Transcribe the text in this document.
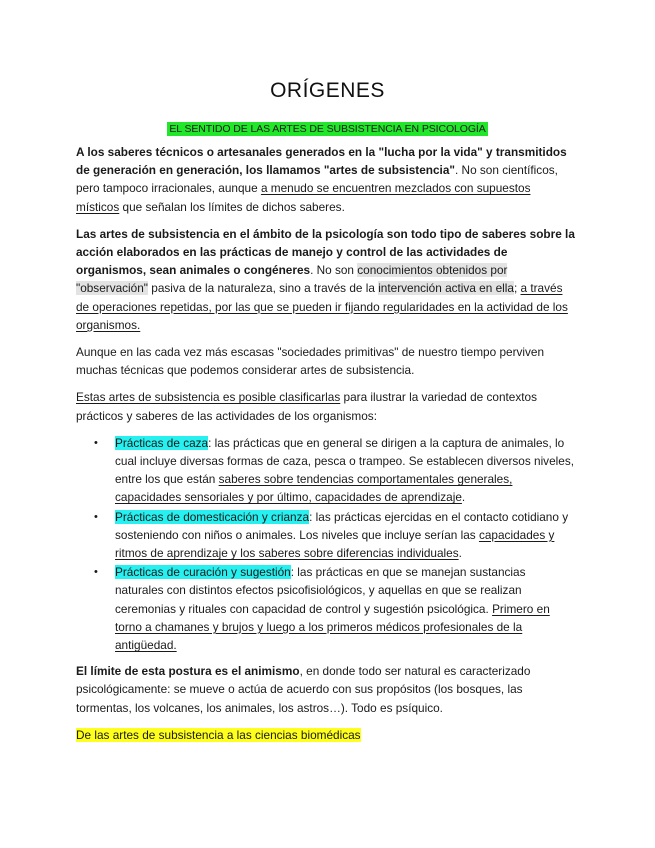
ORÍGENES
EL SENTIDO DE LAS ARTES DE SUBSISTENCIA EN PSICOLOGÍA

A los saberes técnicos o artesanales generados en la "lucha por la vida" y transmitidos de generación en generación, los llamamos "artes de subsistencia". No son científicos, pero tampoco irracionales, aunque a menudo se encuentren mezclados con supuestos místicos que señalan los límites de dichos saberes.

Las artes de subsistencia en el ámbito de la psicología son todo tipo de saberes sobre la acción elaborados en las prácticas de manejo y control de las actividades de organismos, sean animales o congéneres. No son conocimientos obtenidos por "observación" pasiva de la naturaleza, sino a través de la intervención activa en ella; a través de operaciones repetidas, por las que se pueden ir fijando regularidades en la actividad de los organismos.

Aunque en las cada vez más escasas "sociedades primitivas" de nuestro tiempo perviven muchas técnicas que podemos considerar artes de subsistencia.

Estas artes de subsistencia es posible clasificarlas para ilustrar la variedad de contextos prácticos y saberes de las actividades de los organismos:

• Prácticas de caza: las prácticas que en general se dirigen a la captura de animales, lo cual incluye diversas formas de caza, pesca o trampeo. Se establecen diversos niveles, entre los que están saberes sobre tendencias comportamentales generales, capacidades sensoriales y por último, capacidades de aprendizaje.
• Prácticas de domesticación y crianza: las prácticas ejercidas en el contacto cotidiano y sosteniendo con niños o animales. Los niveles que incluye serían las capacidades y ritmos de aprendizaje y los saberes sobre diferencias individuales.
• Prácticas de curación y sugestión: las prácticas en que se manejan sustancias naturales con distintos efectos psicofisiológicos, y aquellas en que se realizan ceremonias y rituales con capacidad de control y sugestión psicológica. Primero en torno a chamanes y brujos y luego a los primeros médicos profesionales de la antigüedad.

El límite de esta postura es el animismo, en donde todo ser natural es caracterizado psicológicamente: se mueve o actúa de acuerdo con sus propósitos (los bosques, las tormentas, los volcanes, los animales, los astros…). Todo es psíquico.

De las artes de subsistencia a las ciencias biomédicas
